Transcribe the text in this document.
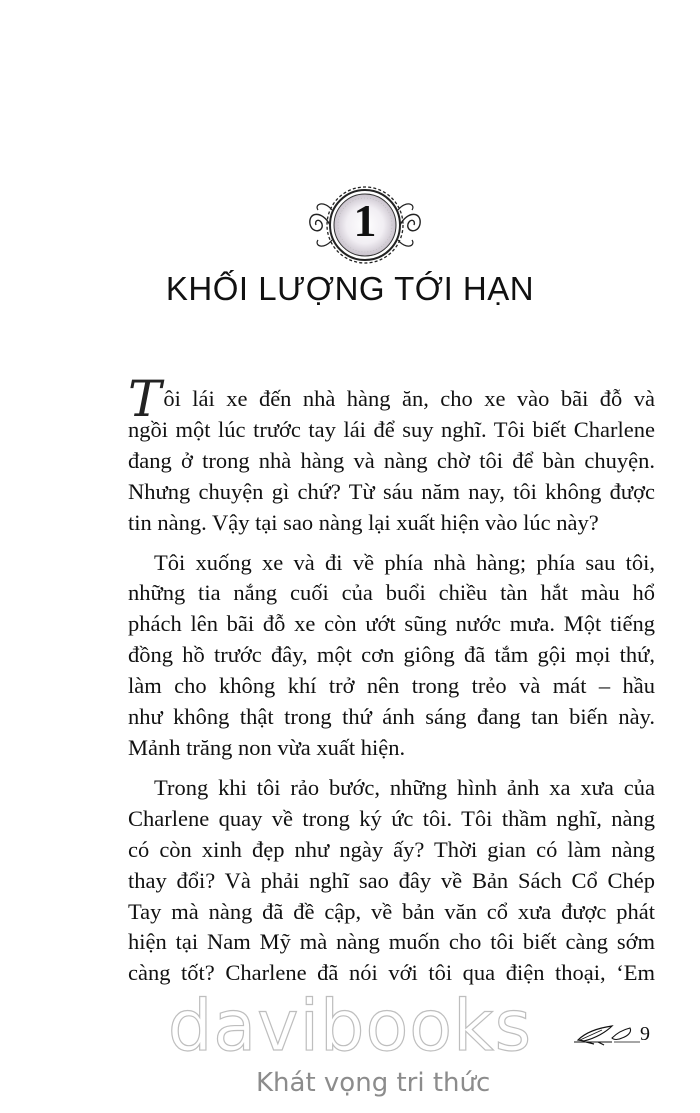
1
KHỐI LƯỢNG TỚI HẠN

Tôi lái xe đến nhà hàng ăn, cho xe vào bãi đỗ và
ngồi một lúc trước tay lái để suy nghĩ. Tôi biết Charlene
đang ở trong nhà hàng và nàng chờ tôi để bàn chuyện.
Nhưng chuyện gì chứ? Từ sáu năm nay, tôi không được
tin nàng. Vậy tại sao nàng lại xuất hiện vào lúc này?

Tôi xuống xe và đi về phía nhà hàng; phía sau tôi,
những tia nắng cuối của buổi chiều tàn hắt màu hổ
phách lên bãi đỗ xe còn ướt sũng nước mưa. Một tiếng
đồng hồ trước đây, một cơn giông đã tắm gội mọi thứ,
làm cho không khí trở nên trong trẻo và mát – hầu
như không thật trong thứ ánh sáng đang tan biến này.
Mảnh trăng non vừa xuất hiện.

Trong khi tôi rảo bước, những hình ảnh xa xưa của
Charlene quay về trong ký ức tôi. Tôi thầm nghĩ, nàng
có còn xinh đẹp như ngày ấy? Thời gian có làm nàng
thay đổi? Và phải nghĩ sao đây về Bản Sách Cổ Chép
Tay mà nàng đã đề cập, về bản văn cổ xưa được phát
hiện tại Nam Mỹ mà nàng muốn cho tôi biết càng sớm
càng tốt? Charlene đã nói với tôi qua điện thoại, ‘Em

davibooks	9
Khát vọng tri thức
